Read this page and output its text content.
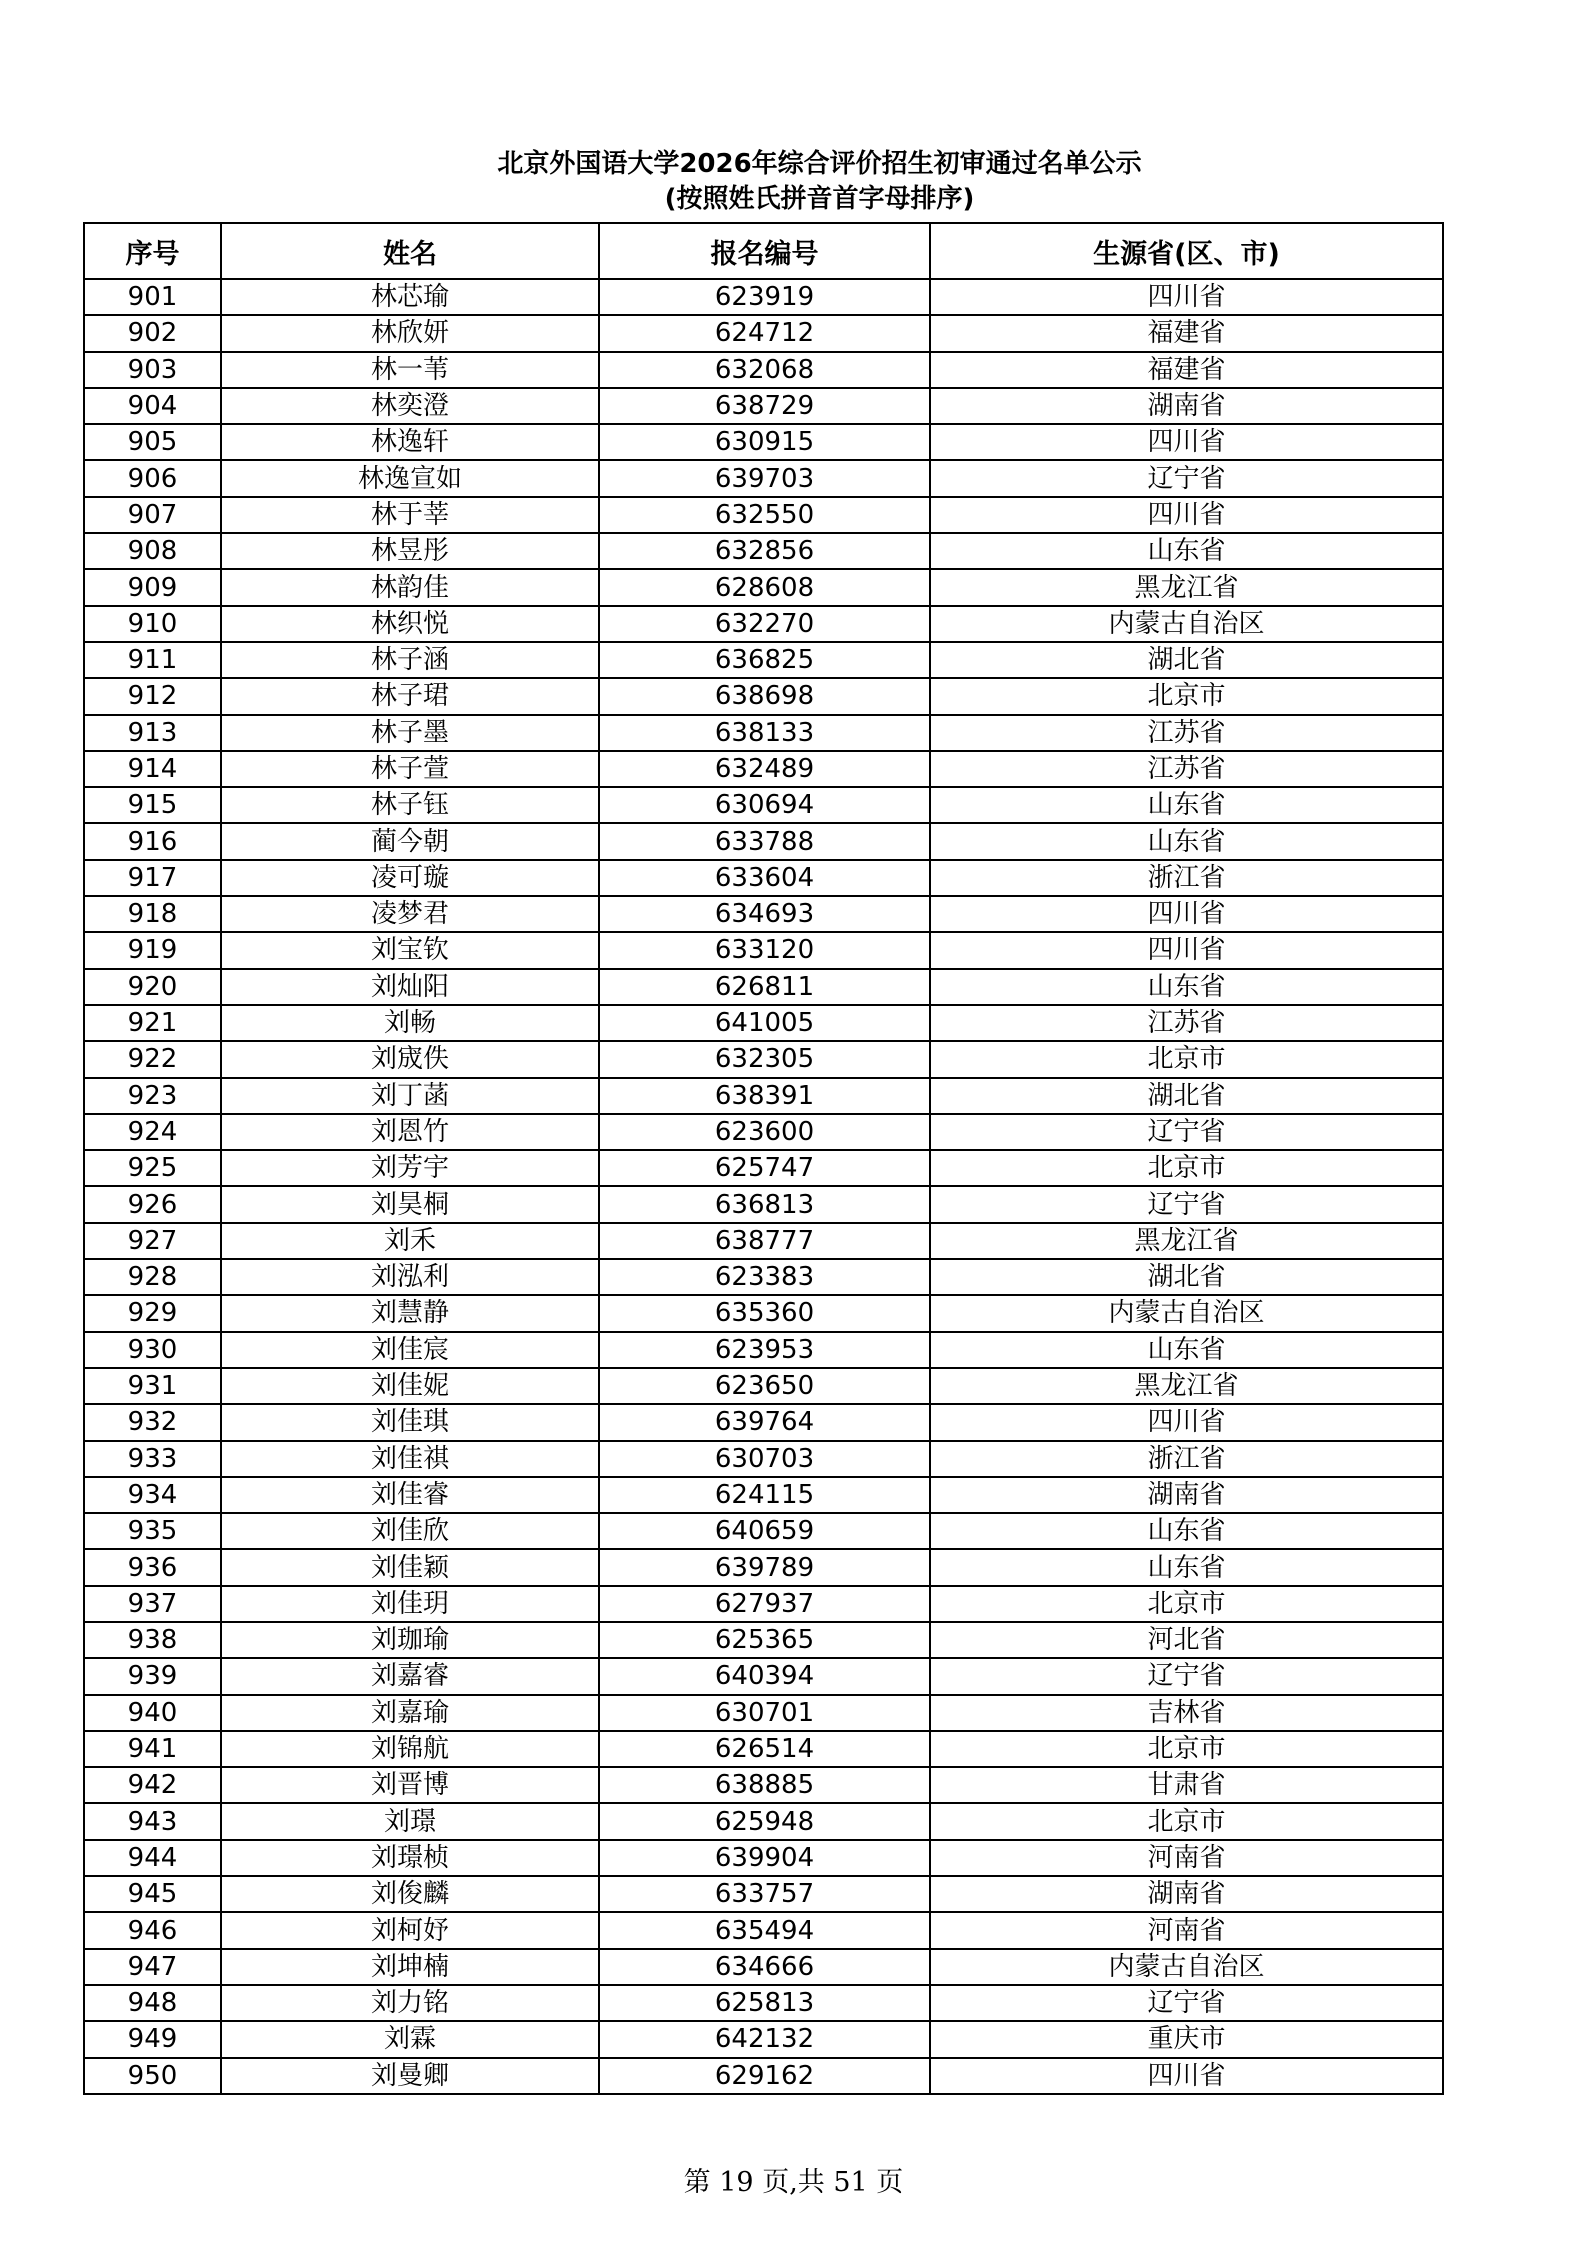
北京外国语大学2026年综合评价招生初审通过名单公示
(按照姓氏拼音首字母排序)
序号	姓名	报名编号	生源省(区、市)
901	林芯瑜	623919	四川省
902	林欣妍	624712	福建省
903	林一苇	632068	福建省
904	林奕澄	638729	湖南省
905	林逸轩	630915	四川省
906	林逸宣如	639703	辽宁省
907	林于莘	632550	四川省
908	林昱彤	632856	山东省
909	林韵佳	628608	黑龙江省
910	林织悦	632270	内蒙古自治区
911	林子涵	636825	湖北省
912	林子珺	638698	北京市
913	林子墨	638133	江苏省
914	林子萱	632489	江苏省
915	林子钰	630694	山东省
916	蔺今朝	633788	山东省
917	凌可璇	633604	浙江省
918	凌梦君	634693	四川省
919	刘宝钦	633120	四川省
920	刘灿阳	626811	山东省
921	刘畅	641005	江苏省
922	刘宬佚	632305	北京市
923	刘丁菡	638391	湖北省
924	刘恩竹	623600	辽宁省
925	刘芳宇	625747	北京市
926	刘昊桐	636813	辽宁省
927	刘禾	638777	黑龙江省
928	刘泓利	623383	湖北省
929	刘慧静	635360	内蒙古自治区
930	刘佳宸	623953	山东省
931	刘佳妮	623650	黑龙江省
932	刘佳琪	639764	四川省
933	刘佳祺	630703	浙江省
934	刘佳睿	624115	湖南省
935	刘佳欣	640659	山东省
936	刘佳颖	639789	山东省
937	刘佳玥	627937	北京市
938	刘珈瑜	625365	河北省
939	刘嘉睿	640394	辽宁省
940	刘嘉瑜	630701	吉林省
941	刘锦航	626514	北京市
942	刘晋博	638885	甘肃省
943	刘璟	625948	北京市
944	刘璟桢	639904	河南省
945	刘俊麟	633757	湖南省
946	刘柯妤	635494	河南省
947	刘坤楠	634666	内蒙古自治区
948	刘力铭	625813	辽宁省
949	刘霖	642132	重庆市
950	刘曼卿	629162	四川省
第 19 页,共 51 页
